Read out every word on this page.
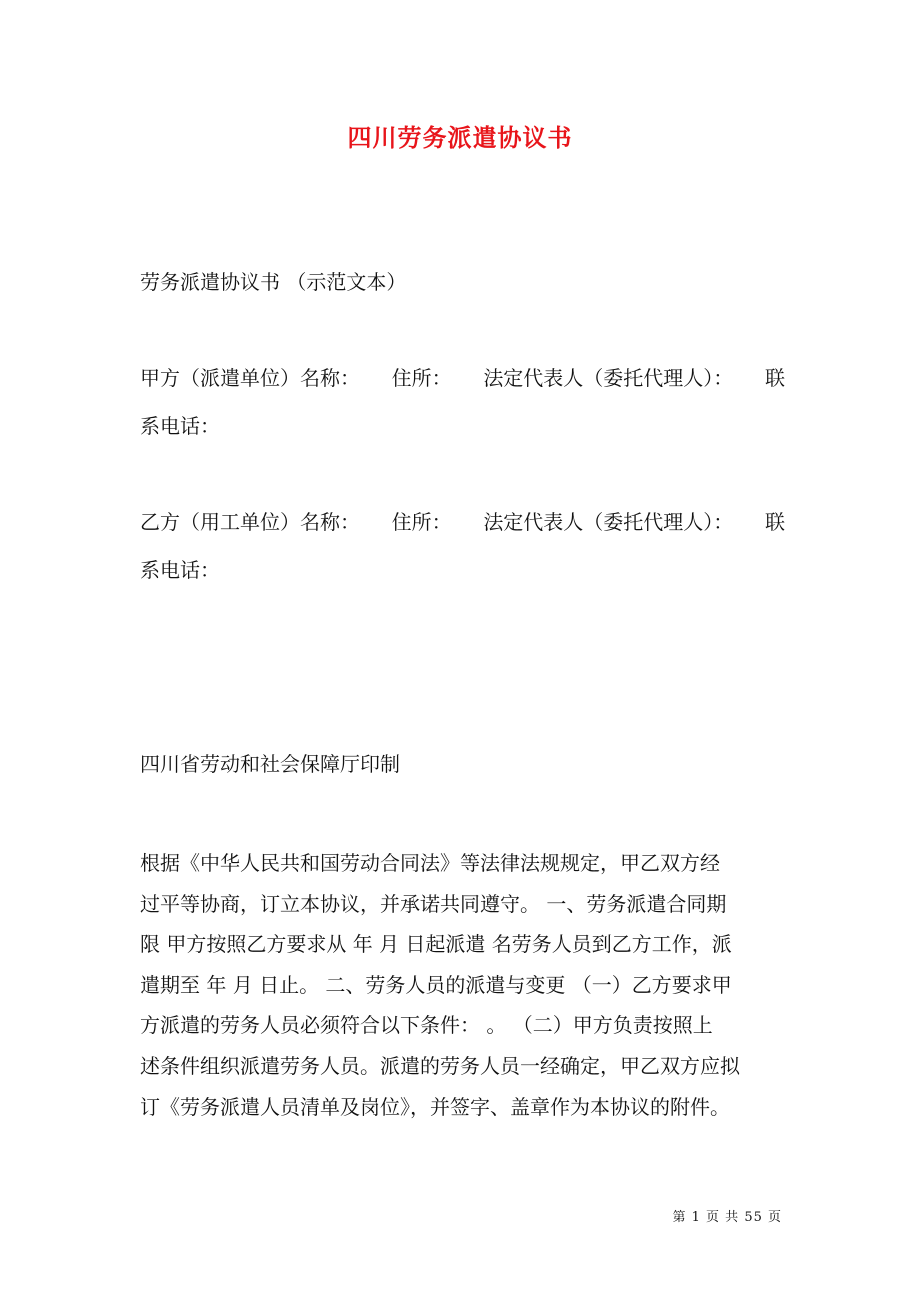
四川劳务派遣协议书
劳务派遣协议书 （示范文本）
甲方（派遣单位）名称： 住所： 法定代表人（委托代理人）： 联
系电话：
乙方（用工单位）名称： 住所： 法定代表人（委托代理人）： 联
系电话：
四川省劳动和社会保障厅印制
根据《中华人民共和国劳动合同法》等法律法规规定，甲乙双方经
过平等协商，订立本协议，并承诺共同遵守。 一、劳务派遣合同期
限 甲方按照乙方要求从 年 月 日起派遣 名劳务人员到乙方工作，派
遣期至 年 月 日止。 二、劳务人员的派遣与变更 （一）乙方要求甲
方派遣的劳务人员必须符合以下条件： 。 （二）甲方负责按照上
述条件组织派遣劳务人员。派遣的劳务人员一经确定，甲乙双方应拟
订《劳务派遣人员清单及岗位》，并签字、盖章作为本协议的附件。
第 1 页 共 55 页
